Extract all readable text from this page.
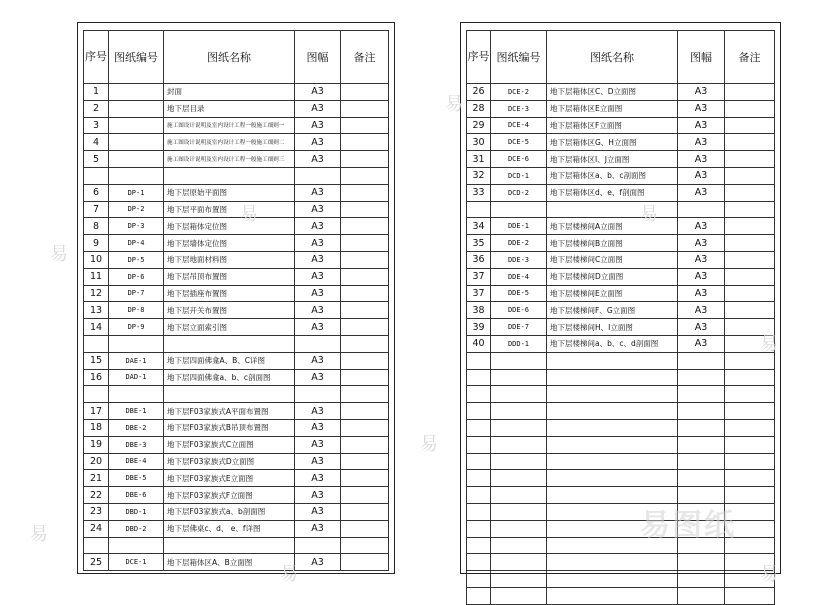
序号	图纸编号	图纸名称	图幅	备注
1		封面	A3	
2		地下层目录	A3	
3		施工图设计说明及室内设计工程一般施工细则一	A3	
4		施工图设计说明及室内设计工程一般施工细则二	A3	
5		施工图设计说明及室内设计工程一般施工细则三	A3	

6	DP-1	地下层原始平面图	A3	
7	DP-2	地下层平面布置图	A3	
8	DP-3	地下层箱体定位图	A3	
9	DP-4	地下层墙体定位图	A3	
10	DP-5	地下层地面材料图	A3	
11	DP-6	地下层吊顶布置图	A3	
12	DP-7	地下层插座布置图	A3	
13	DP-8	地下层开关布置图	A3	
14	DP-9	地下层立面索引图	A3	

15	DAE-1	地下层四面佛龛A、B、C详图	A3	
16	DAD-1	地下层四面佛龛a、b、c剖面图	A3	

17	DBE-1	地下层F03家族式A平面布置图	A3	
18	DBE-2	地下层F03家族式B吊顶布置图	A3	
19	DBE-3	地下层F03家族式C立面图	A3	
20	DBE-4	地下层F03家族式D立面图	A3	
21	DBE-5	地下层F03家族式E立面图	A3	
22	DBE-6	地下层F03家族式F立面图	A3	
23	DBD-1	地下层F03家族式a、b剖面图	A3	
24	DBD-2	地下层佛桌c、d、 e、f详图	A3	

25	DCE-1	地下层箱体区A、B立面图	A3	
序号	图纸编号	图纸名称	图幅	备注
26	DCE-2	地下层箱体区C、D立面图	A3	
28	DCE-3	地下层箱体区E立面图	A3	
29	DCE-4	地下层箱体区F立面图	A3	
30	DCE-5	地下层箱体区G、H立面图	A3	
31	DCE-6	地下层箱体区I、J立面图	A3	
32	DCD-1	地下层箱体区a、b、c剖面图	A3	
33	DCD-2	地下层箱体区d、e、f剖面图	A3	

34	DDE-1	地下层楼梯间A立面图	A3	
35	DDE-2	地下层楼梯间B立面图	A3	
36	DDE-3	地下层楼梯间C立面图	A3	
37	DDE-4	地下层楼梯间D立面图	A3	
37	DDE-5	地下层楼梯间E立面图	A3	
38	DDE-6	地下层楼梯间F、G立面图	A3	
39	DDE-7	地下层楼梯间H、I立面图	A3	
40	DDD-1	地下层楼梯间a、b、c、d剖面图	A3	

易
易
易	易
易
易
易
易	易
易图纸
